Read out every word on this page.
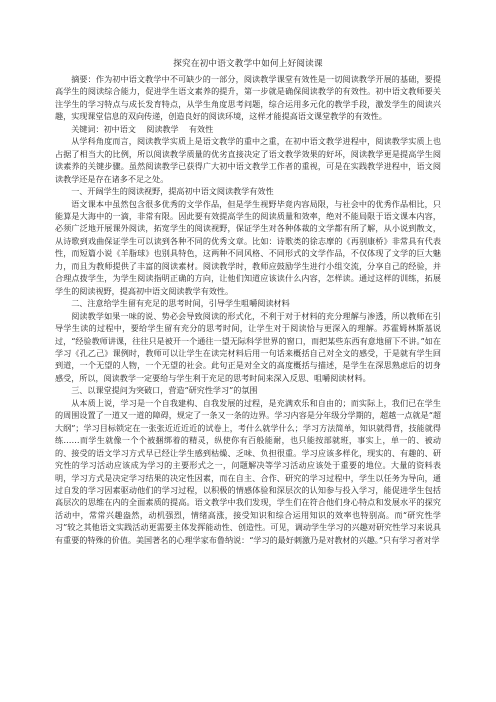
探究在初中语文教学中如何上好阅读课

摘要：作为初中语文教学中不可缺少的一部分，阅读教学课堂有效性是一切阅读教学开展的基础，要提高学生的阅读综合能力，促进学生语文素养的提升，第一步就是确保阅读教学的有效性。初中语文教师要关注学生的学习特点与成长发育特点，从学生角度思考问题，综合运用多元化的教学手段，激发学生的阅读兴趣，实现课堂信息的双向传递，创造良好的阅读环境，这样才能提高语文课堂教学的有效性。

关键词：初中语文    阅读教学    有效性

从学科角度而言，阅读教学实质上是语文教学的重中之重，在初中语文教学进程中，阅读教学实质上也占据了相当大的比例，所以阅读教学质量的优劣直接决定了语文教学效果的好坏，阅读教学更是提高学生阅读素养的关键步骤。虽然阅读教学已获得广大初中语文教学工作者的重视，可是在实践教学进程中，语文阅读教学还是存在诸多不足之处。

一、开阔学生的阅读视野，提高初中语文阅读教学有效性

语文课本中虽然包含很多优秀的文学作品，但是学生视野毕竟内容局限，与社会中的优秀作品相比，只能算是大海中的一滴，非常有限。因此要有效提高学生的阅读质量和效率，绝对不能局限于语文课本内容，必须广泛地开展课外阅读，拓宽学生的阅读视野，保证学生对各种体裁的文学都有所了解，从小说到散文，从诗歌到戏曲保证学生可以读到各种不同的优秀文章。比如：诗歌类的徐志摩的《再别康桥》非常具有代表性，而短篇小说《羊脂球》也别具特色，这两种不同风格、不同形式的文学作品，不仅体现了文学的巨大魅力，而且为教师提供了丰富的阅读素材。阅读教学时，教师应鼓励学生进行小组交流，分享自己的经验，并合理点拨学生，为学生阅读指明正确的方向，让他们知道应该读什么内容，怎样读。通过这样的训练，拓展学生的阅读视野，提高初中语文阅读教学有效性。

二、注意给学生留有充足的思考时间，引导学生咀嚼阅读材料

阅读教学如果一味的说、势必会导致阅读的形式化，不利于对于材料的充分理解与渗透，所以教师在引导学生读的过程中，要给学生留有充分的思考时间，让学生对于阅读恰与更深入的理解。苏霍姆林斯基说过，“经验教师讲课，往往只是被开一个通往一望无际科学世界的窗口，而把某些东西有意地留下不讲。”如在学习《孔乙己》课例时，教师可以让学生在读完材料后用一句话来概括自己对全文的感受，于是就有学生回到道，一个无望的人物，一个无望的社会。此句正是对全文的高度概括与描述，是学生在深思熟虑后的切身感受，所以，阅读教学一定要给与学生利于充足的思考时间来深入反思、咀嚼阅读材料。

三、以课堂提问为突破口，营造“研究性学习”的氛围

从本质上说，学习是一个自我建构、自我发展的过程，是充满欢乐和自由的；而实际上，我们已在学生的周围设置了一道又一道的障碍，规定了一条又一条的边界。学习内容是分年级分学期的，超越一点就是“超大纲”；学习目标锁定在一张张近近近近的试卷上，考什么就学什么；学习方法简单，知识就得背，技能就得练……而学生就像一个个被捆绑着的精灵，纵使你有百般能耐，也只能按部就班，事实上，单一的、被动的、接受的语文学习方式早已经让学生感到枯燥、乏味、负担很重。学习应该多样化，现实的、有趣的、研究性的学习活动应该成为学习的主要形式之一，问题解决等学习活动应该处于重要的地位。大量的资料表明，学习方式是决定学习结果的决定性因素，而在自主、合作、研究的学习过程中，学生以任务为导向，通过自发的学习因素驱动他们的学习过程，以积极的情感体验和深层次的认知参与投入学习，能促进学生包括高层次的思维在内的全面素质的提高。语文教学中我们发现，学生们在符合他们身心特点和发展水平的探究活动中，常常兴趣盎然，动机强烈，情绪高涨，接受知识和综合运用知识的效率也特别高。而“研究性学习”较之其他语文实践活动更需要主体发挥能动性、创造性。可见，调动学生学习的兴趣对研究性学习来说具有重要的特殊的价值。美国著名的心理学家布鲁纳说：“学习的最好刺激乃是对教材的兴趣。”只有学习者对学
